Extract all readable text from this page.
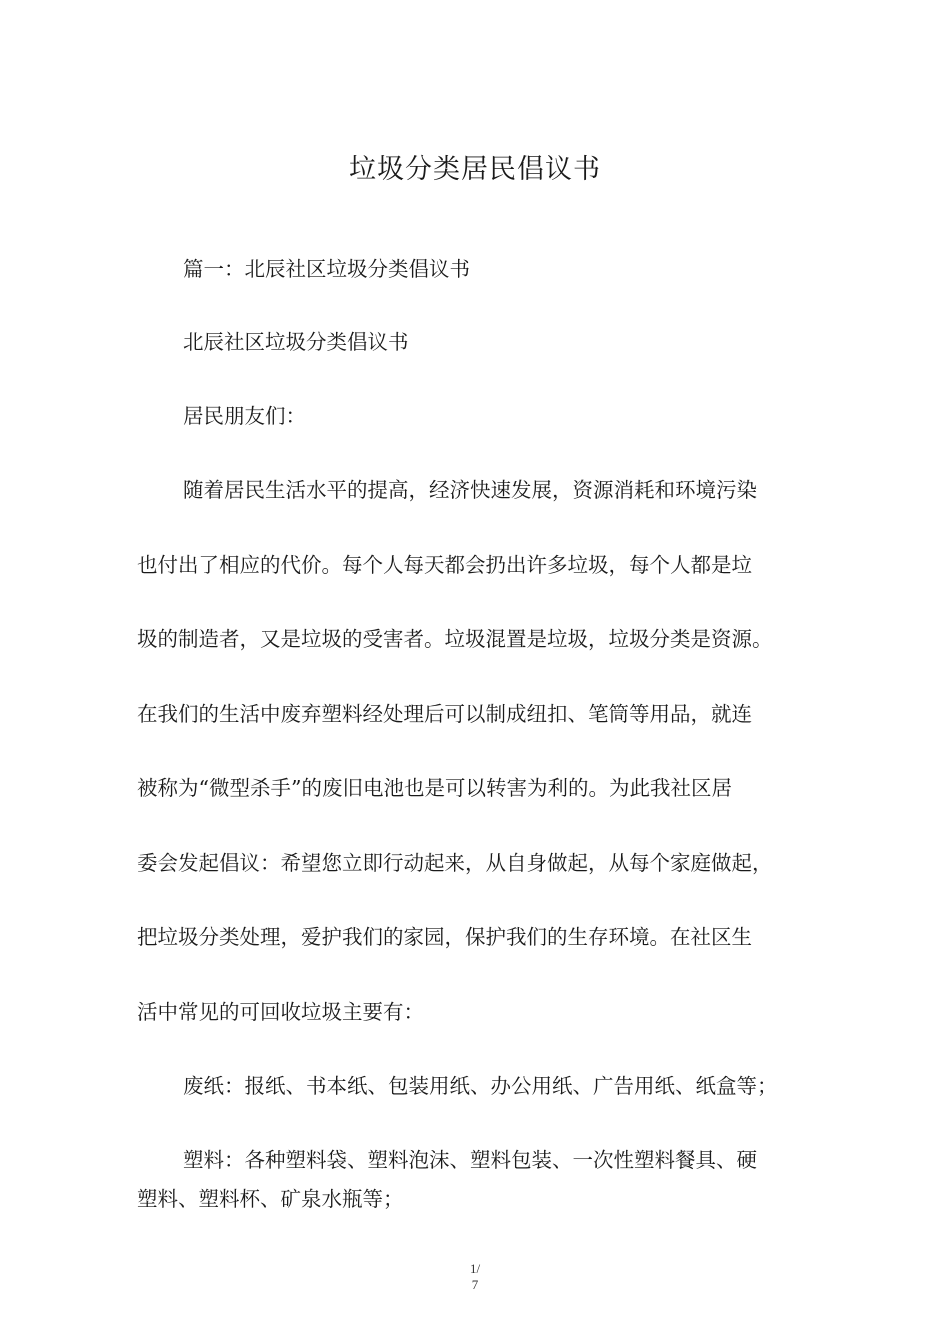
垃圾分类居民倡议书
篇一：北辰社区垃圾分类倡议书
北辰社区垃圾分类倡议书
居民朋友们：
随着居民生活水平的提高，经济快速发展，资源消耗和环境污染
也付出了相应的代价。每个人每天都会扔出许多垃圾，每个人都是垃
圾的制造者，又是垃圾的受害者。垃圾混置是垃圾，垃圾分类是资源。
在我们的生活中废弃塑料经处理后可以制成纽扣、笔筒等用品，就连
被称为“微型杀手”的废旧电池也是可以转害为利的。为此我社区居
委会发起倡议：希望您立即行动起来，从自身做起，从每个家庭做起，
把垃圾分类处理，爱护我们的家园，保护我们的生存环境。在社区生
活中常见的可回收垃圾主要有：
废纸：报纸、书本纸、包装用纸、办公用纸、广告用纸、纸盒等；
塑料：各种塑料袋、塑料泡沫、塑料包装、一次性塑料餐具、硬
塑料、塑料杯、矿泉水瓶等；
1/
7
